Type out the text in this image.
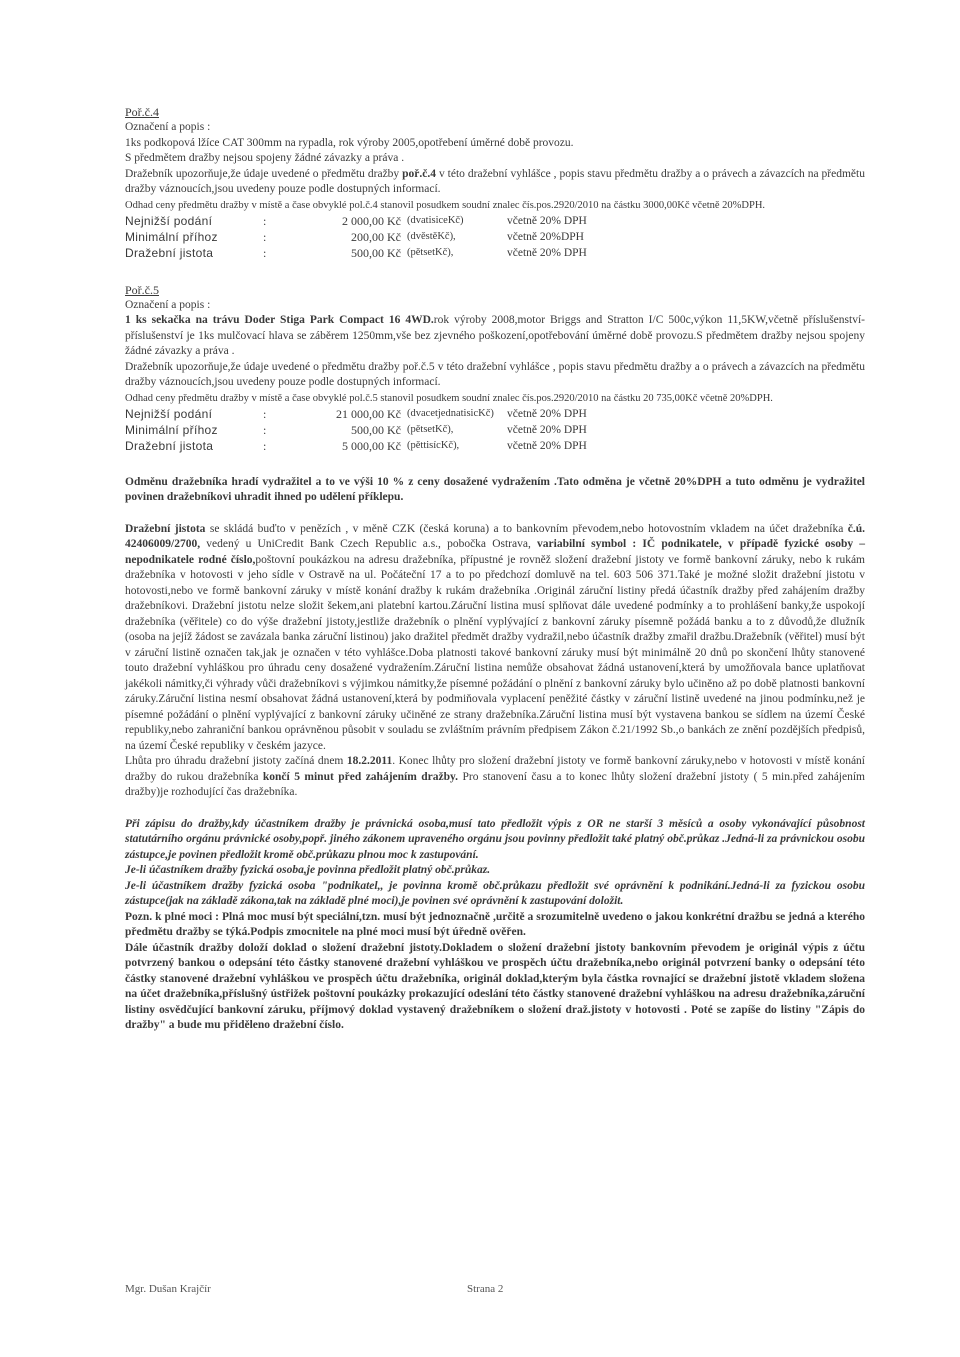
Poř.č.4

Označení a popis :

1ks podkopová lžíce CAT 300mm na rypadla, rok výroby 2005,opotřebení úměrné době provozu.

S předmětem dražby nejsou spojeny žádné závazky a práva .

Dražebník upozorňuje,že údaje uvedené o předmětu dražby poř.č.4 v této dražební vyhlášce , popis stavu předmětu dražby a o právech a závazcích na předmětu dražby váznoucích,jsou uvedeny pouze podle dostupných informací.

Odhad ceny předmětu dražby v místě a čase obvyklé pol.č.4 stanovil posudkem soudní znalec čís.pos.2920/2010 na částku 3000,00Kč včetně 20%DPH.

Nejnižší podání	:	2 000,00 Kč	(dvatisiceKč)	včetně 20% DPH
Minimální příhoz	:	200,00 Kč	(dvěstěKč),	včetně 20%DPH
Dražební jistota	:	500,00 Kč	(pětsetKč),	včetně 20% DPH

Poř.č.5

Označení a popis :

1 ks sekačka na trávu Doder Stiga Park Compact 16 4WD.rok výroby 2008,motor Briggs and Stratton I/C 500c,výkon 11,5KW,včetně příslušenství-příslušenství je 1ks mulčovací hlava se záběrem 1250mm,vše bez zjevného poškození,opotřebování úměrné době provozu.S předmětem dražby nejsou spojeny žádné závazky a práva .

Dražebník upozorňuje,že údaje uvedené o předmětu dražby poř.č.5 v této dražební vyhlášce , popis stavu předmětu dražby a o právech a závazcích na předmětu dražby váznoucích,jsou uvedeny pouze podle dostupných informací.

Odhad ceny předmětu dražby v místě a čase obvyklé pol.č.5 stanovil posudkem soudní znalec čís.pos.2920/2010 na částku 20 735,00Kč včetně 20%DPH.

Nejnižší podání	:	21 000,00 Kč	(dvacetjednatisicKč)	včetně 20% DPH
Minimální příhoz	:	500,00 Kč	(pětsetKč),	včetně 20% DPH
Dražební jistota	:	5 000,00 Kč	(pěttisícKč),	včetně 20% DPH

Odměnu dražebníka hradí vydražitel a to ve výši 10 % z ceny dosažené vydražením .Tato odměna je včetně 20%DPH a tuto odměnu je vydražitel povinen dražebníkovi uhradit ihned po udělení příklepu.

Dražební jistota se skládá buďto v penězích , v měně CZK (česká koruna) a to bankovním převodem,nebo hotovostním vkladem na účet dražebníka č.ú. 42406009/2700, vedený u UniCredit Bank Czech Republic a.s., pobočka Ostrava, variabilní symbol : IČ podnikatele, v případě fyzické osoby – nepodnikatele rodné číslo,poštovní poukázkou na adresu dražebníka, přípustné je rovněž složení dražební jistoty ve formě bankovní záruky, nebo k rukám dražebníka v hotovosti v jeho sídle v Ostravě na ul. Počáteční 17 a to po předchozí domluvě na tel. 603 506 371.Také je možné složit dražební jistotu v hotovosti,nebo ve formě bankovní záruky v místě konání dražby k rukám dražebníka .Originál záruční listiny předá účastník dražby před zahájením dražby dražebníkovi. Dražební jistotu nelze složit šekem,ani platební kartou.Záruční listina musí splňovat dále uvedené podmínky a to prohlášení banky,že uspokojí dražebníka (věřitele) co do výše dražební jistoty,jestliže dražebník o plnění vyplývající z bankovní záruky písemně požádá banku a to z důvodů,že dlužník (osoba na jejíž žádost se zavázala banka záruční listinou) jako dražitel předmět dražby vydražil,nebo účastník dražby zmařil dražbu.Dražebník (věřitel) musí být v záruční listině označen tak,jak je označen v této vyhlášce.Doba platnosti takové bankovní záruky musí být minimálně 20 dnů po skončení lhůty stanovené touto dražební vyhláškou pro úhradu ceny dosažené vydražením.Záruční listina nemůže obsahovat žádná ustanovení,která by umožňovala bance uplatňovat jakékoli námitky,či výhrady vůči dražebníkovi s výjimkou námitky,že písemné požádání o plnění z bankovní záruky bylo učiněno až po době platnosti bankovní záruky.Záruční listina nesmí obsahovat žádná ustanovení,která by podmiňovala vyplacení peněžité částky v záruční listině uvedené na jinou podmínku,než je písemné požádání o plnění vyplývající z bankovní záruky učiněné ze strany dražebníka.Záruční listina musí být vystavena bankou se sídlem na území České republiky,nebo zahraniční bankou oprávněnou působit v souladu se zvláštním právním předpisem Zákon č.21/1992 Sb.,o bankách ze znění pozdějších předpisů, na území České republiky v českém jazyce.

Lhůta pro úhradu dražební jistoty začíná dnem 18.2.2011. Konec lhůty pro složení dražební jistoty ve formě bankovní záruky,nebo v hotovosti v místě konání dražby do rukou dražebníka končí 5 minut před zahájením dražby. Pro stanovení času a to konec lhůty složení dražební jistoty ( 5 min.před zahájením dražby)je rozhodující čas dražebníka.

Při zápisu do dražby,kdy účastníkem dražby je právnická osoba,musí tato předložit výpis z OR ne starší 3 měsíců a osoby vykonávající působnost statutárního orgánu právnické osoby,popř. jiného zákonem upraveného orgánu jsou povinny předložit také platný obč.průkaz .Jedná-li za právnickou osobu zástupce,je povinen předložit kromě obč.průkazu plnou moc k zastupování.

Je-li účastníkem dražby fyzická osoba,je povinna předložit platný obč.průkaz.

Je-li účastníkem dražby fyzická osoba "podnikatel,, je povinna kromě obč.průkazu předložit své oprávnění k podnikání.Jedná-li za fyzickou osobu zástupce(jak na základě zákona,tak na základě plné moci),je povinen své oprávnění k zastupování doložit.

Pozn. k plné moci : Plná moc musí být speciální,tzn. musí být jednoznačně ,určitě a srozumitelně uvedeno o jakou konkrétní dražbu se jedná a kterého předmětu dražby se týká.Podpis zmocnitele na plné moci musí být úředně ověřen.

Dále účastník dražby doloží doklad o složení dražební jistoty.Dokladem o složení dražební jistoty bankovním převodem je originál výpis z účtu potvrzený bankou o odepsání této částky stanovené dražební vyhláškou ve prospěch účtu dražebníka,nebo originál potvrzení banky o odepsání této částky stanovené dražební vyhláškou ve prospěch účtu dražebníka, originál doklad,kterým byla částka rovnající se dražební jistotě vkladem složena na účet dražebníka,příslušný ústřižek poštovní poukázky prokazující odeslání této částky stanovené dražební vyhláškou na adresu dražebníka,záruční listiny osvědčující bankovní záruku, příjmový doklad vystavený dražebníkem o složení draž.jistoty v hotovosti . Poté se zapíše do listiny "Zápis do dražby" a bude mu přiděleno dražební číslo.

Mgr. Dušan Krajčír	Strana 2
